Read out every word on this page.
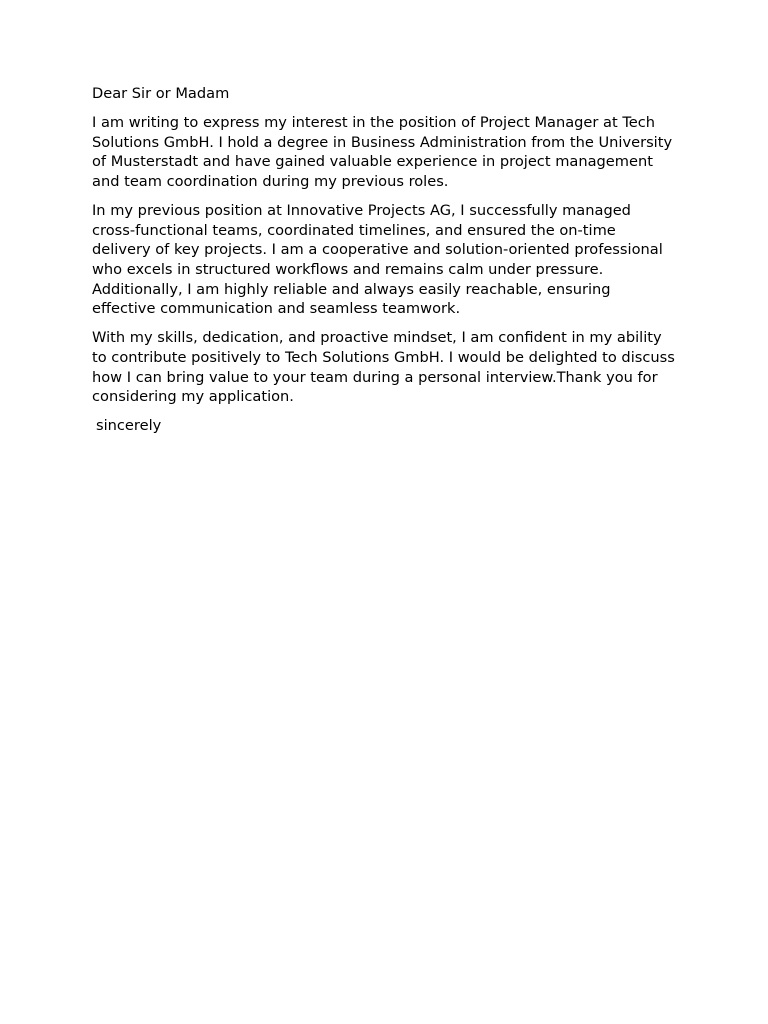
Dear Sir or Madam

I am writing to express my interest in the position of Project Manager at Tech Solutions GmbH. I hold a degree in Business Administration from the University of Musterstadt and have gained valuable experience in project management and team coordination during my previous roles.

In my previous position at Innovative Projects AG, I successfully managed cross-functional teams, coordinated timelines, and ensured the on-time delivery of key projects. I am a cooperative and solution-oriented professional who excels in structured workflows and remains calm under pressure. Additionally, I am highly reliable and always easily reachable, ensuring effective communication and seamless teamwork.

With my skills, dedication, and proactive mindset, I am confident in my ability to contribute positively to Tech Solutions GmbH. I would be delighted to discuss how I can bring value to your team during a personal interview.Thank you for considering my application.

sincerely
